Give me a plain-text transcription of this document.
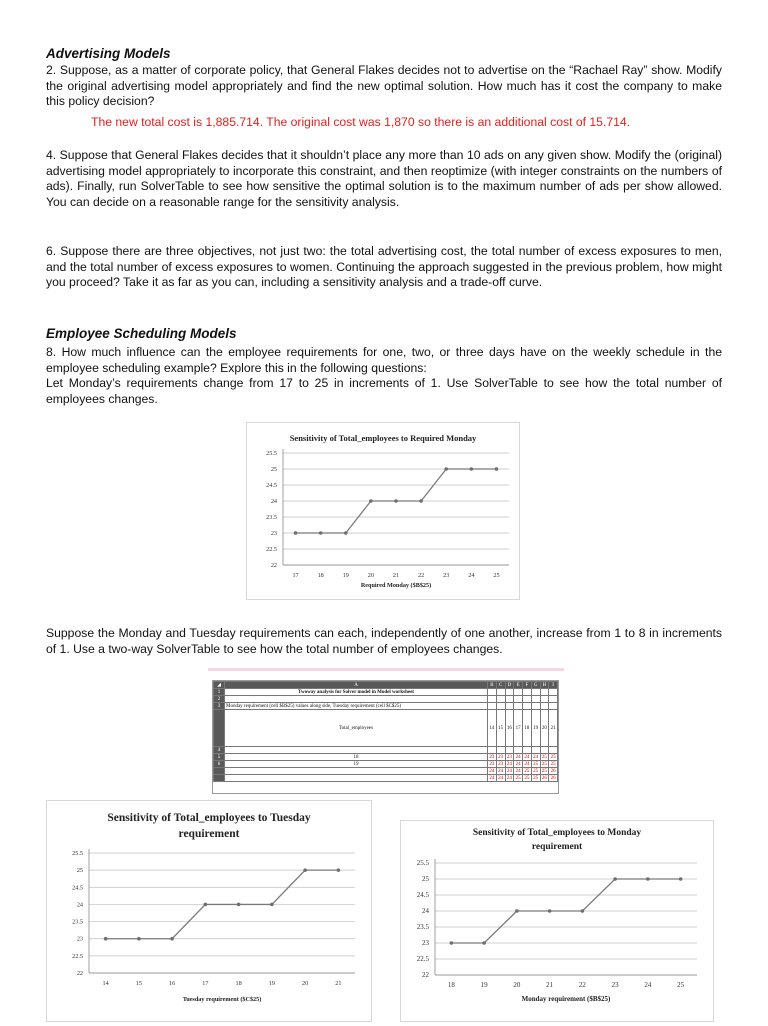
Advertising Models
2. Suppose, as a matter of corporate policy, that General Flakes decides not to advertise on the “Rachael Ray” show. Modify the original advertising model appropriately and find the new optimal solution. How much has it cost the company to make this policy decision?
The new total cost is 1,885.714. The original cost was 1,870 so there is an additional cost of 15.714.
4. Suppose that General Flakes decides that it shouldn’t place any more than 10 ads on any given show. Modify the (original) advertising model appropriately to incorporate this constraint, and then reoptimize (with integer constraints on the numbers of ads). Finally, run SolverTable to see how sensitive the optimal solution is to the maximum number of ads per show allowed. You can decide on a reasonable range for the sensitivity analysis.
6. Suppose there are three objectives, not just two: the total advertising cost, the total number of excess exposures to men, and the total number of excess exposures to women. Continuing the approach suggested in the previous problem, how might you proceed? Take it as far as you can, including a sensitivity analysis and a trade-off curve.
Employee Scheduling Models
8. How much influence can the employee requirements for one, two, or three days have on the weekly schedule in the employee scheduling example? Explore this in the following questions:
Let Monday’s requirements change from 17 to 25 in increments of 1. Use SolverTable to see how the total number of employees changes.
Suppose the Monday and Tuesday requirements can each, independently of one another, increase from 1 to 8 in increments of 1. Use a two-way SolverTable to see how the total number of employees changes.
Sensitivity of Total_employees to Required Monday
22
22.5
23
23.5
24
24.5
25
25.5
17	18	19	20	21	22	23	24	25
Required Monday ($B$25)
◢	A	B	C	D	E	F	G	H	I
1	Twoway analysis for Solver model in Model worksheet								
2									
3	Monday requirement (cell $B$25) values along side, Tuesday requirement (cell $C$25)								
	Total_employees	14	15	16	17	18	19	20	21
4									
5	18	23	23	23	24	24	24	25	25
6	19	23	23	24	24	24	25	25	25
		24	24	24	24	25	25	25	26
		24	24	24	25	25	25	26	26
Sensitivity of Total_employees to Tuesday
requirement
22
22.5
23
23.5
24
24.5
25
25.5
14	15	16	17	18	19	20	21
Tuesday requirement ($C$25)
Sensitivity of Total_employees to Monday
requirement
22
22.5
23
23.5
24
24.5
25
25.5
18	19	20	21	22	23	24	25
Monday requirement ($B$25)
